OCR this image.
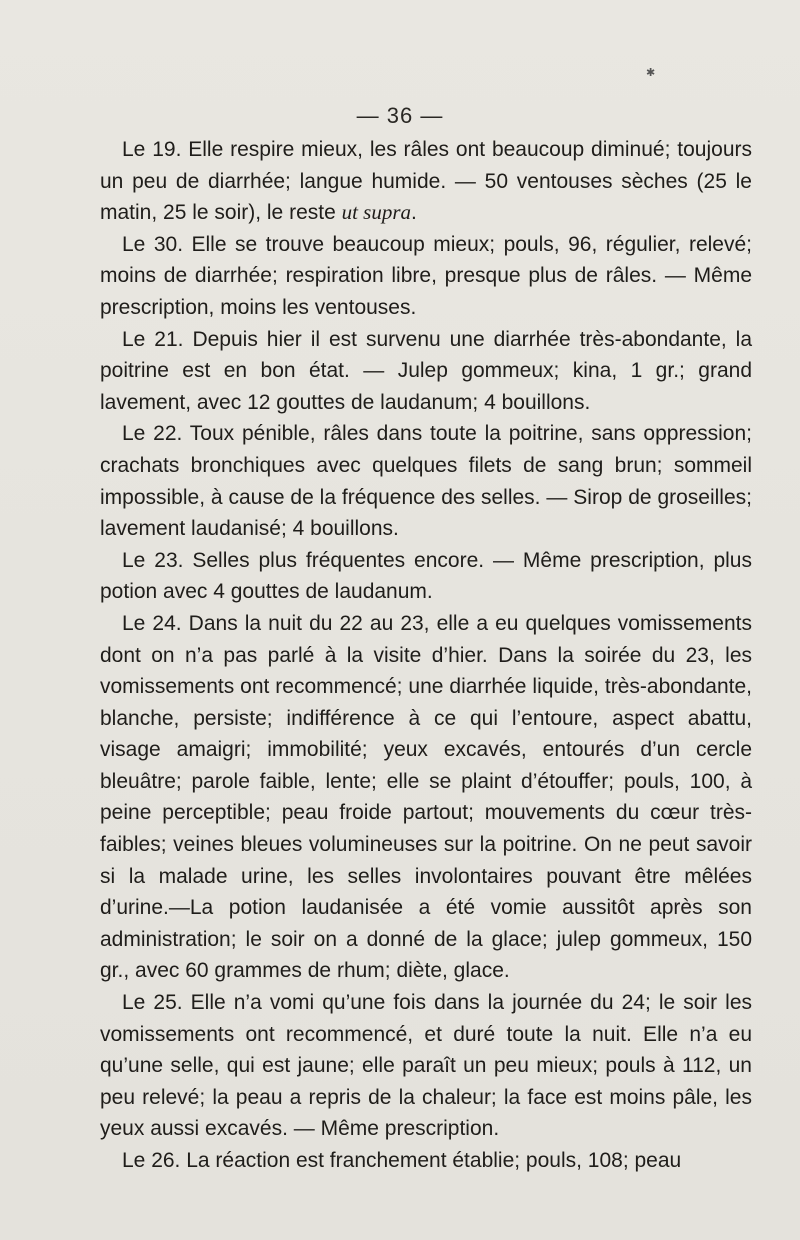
✱
— 36 —

Le 19. Elle respire mieux, les râles ont beaucoup diminué; toujours un peu de diarrhée; langue humide. — 50 ventouses sèches (25 le matin, 25 le soir), le reste ut supra.

Le 30. Elle se trouve beaucoup mieux; pouls, 96, régulier, relevé; moins de diarrhée; respiration libre, presque plus de râles. — Même prescription, moins les ventouses.

Le 21. Depuis hier il est survenu une diarrhée très-abondante, la poitrine est en bon état. — Julep gommeux; kina, 1 gr.; grand lavement, avec 12 gouttes de laudanum; 4 bouillons.

Le 22. Toux pénible, râles dans toute la poitrine, sans oppression; crachats bronchiques avec quelques filets de sang brun; sommeil impossible, à cause de la fréquence des selles. — Sirop de groseilles; lavement laudanisé; 4 bouillons.

Le 23. Selles plus fréquentes encore. — Même prescription, plus potion avec 4 gouttes de laudanum.

Le 24. Dans la nuit du 22 au 23, elle a eu quelques vomissements dont on n’a pas parlé à la visite d’hier. Dans la soirée du 23, les vomissements ont recommencé; une diarrhée liquide, très-abondante, blanche, persiste; indifférence à ce qui l’entoure, aspect abattu, visage amaigri; immobilité; yeux excavés, entourés d’un cercle bleuâtre; parole faible, lente; elle se plaint d’étouffer; pouls, 100, à peine perceptible; peau froide partout; mouvements du cœur très-faibles; veines bleues volumineuses sur la poitrine. On ne peut savoir si la malade urine, les selles involontaires pouvant être mêlées d’urine.—La potion laudanisée a été vomie aussitôt après son administration; le soir on a donné de la glace; julep gommeux, 150 gr., avec 60 grammes de rhum; diète, glace.

Le 25. Elle n’a vomi qu’une fois dans la journée du 24; le soir les vomissements ont recommencé, et duré toute la nuit. Elle n’a eu qu’une selle, qui est jaune; elle paraît un peu mieux; pouls à 112, un peu relevé; la peau a repris de la chaleur; la face est moins pâle, les yeux aussi excavés. — Même prescription.

Le 26. La réaction est franchement établie; pouls, 108; peau
